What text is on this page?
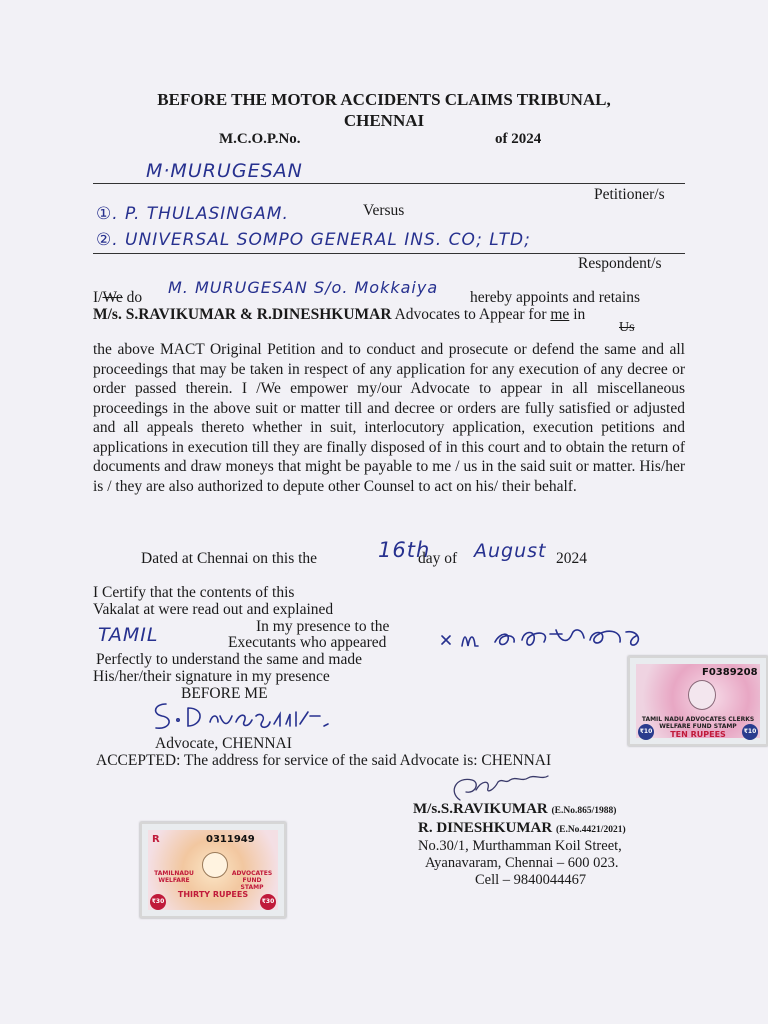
BEFORE THE MOTOR ACCIDENTS CLAIMS TRIBUNAL,
CHENNAI
M.C.O.P.No.	of 2024
M·MURUGESAN
Petitioner/s
①. P. THULASINGAM.	Versus
②. UNIVERSAL SOMPO GENERAL INS. CO; LTD;
Respondent/s
I/We do
M. MURUGESAN S/o. Mokkaiya
hereby appoints and retains
M/s. S.RAVIKUMAR & R.DINESHKUMAR Advocates to Appear for me in
Us
the above MACT Original Petition and to conduct and prosecute or defend the same and all proceedings that may be taken in respect of any application for any execution of any decree or order passed therein. I /We empower my/our Advocate to appear in all miscellaneous proceedings in the above suit or matter till and decree or orders are fully satisfied or adjusted and all appeals thereto whether in suit, interlocutory application, execution petitions and applications in execution till they are finally disposed of in this court and to obtain the return of documents and draw moneys that might be payable to me / us in the said suit or matter. His/her is / they are also authorized to depute other Counsel to act on his/ their behalf.
Dated at Chennai on this the	16th
day of August 2024
I Certify that the contents of this
Vakalat at were read out and explained
In my presence to the
TAMIL	Executants who appeared
Perfectly to understand the same and made
His/her/their signature in my presence
BEFORE ME
Advocate, CHENNAI
ACCEPTED: The address for service of the said Advocate is: CHENNAI
M/s.S.RAVIKUMAR (E.No.865/1988)
R. DINESHKUMAR (E.No.4421/2021)
No.30/1, Murthamman Koil Street,
Ayanavaram, Chennai – 600 023.
Cell – 9840044467
F0389208
TAMIL NADU ADVOCATES CLERKS WELFARE FUND STAMP
TEN RUPEES
₹10	₹10
R	0311949
TAMILNADU WELFARE
ADVOCATES FUND STAMP
THIRTY RUPEES
₹30	₹30
